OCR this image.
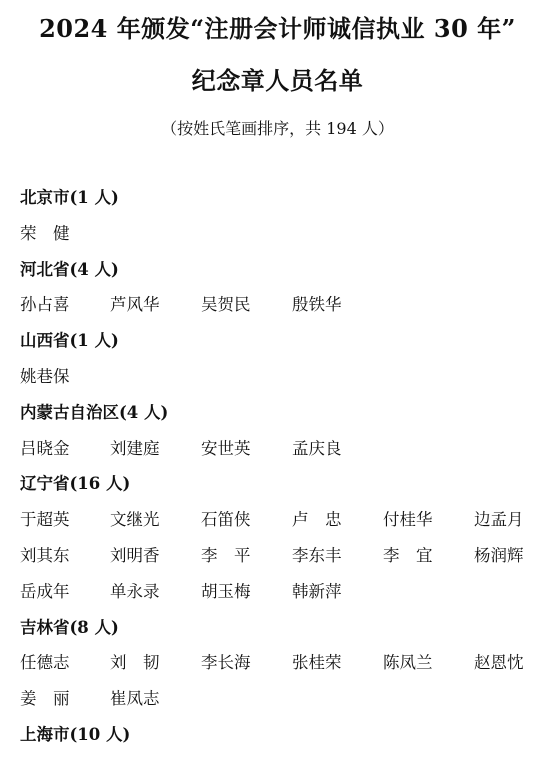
2024 年颁发“注册会计师诚信执业 30 年”
纪念章人员名单
（按姓氏笔画排序，共 194 人）
北京市(1 人)
荣　健
河北省(4 人)
孙占喜	芦风华	吴贺民	殷铁华
山西省(1 人)
姚巷保
内蒙古自治区(4 人)
吕晓金	刘建庭	安世英	孟庆良
辽宁省(16 人)
于超英	文继光	石笛侠	卢　忠	付桂华	边孟月
刘其东	刘明香	李　平	李东丰	李　宜	杨润辉
岳成年	单永录	胡玉梅	韩新萍
吉林省(8 人)
任德志	刘　韧	李长海	张桂荣	陈凤兰	赵恩忱
姜　丽	崔凤志
上海市(10 人)
